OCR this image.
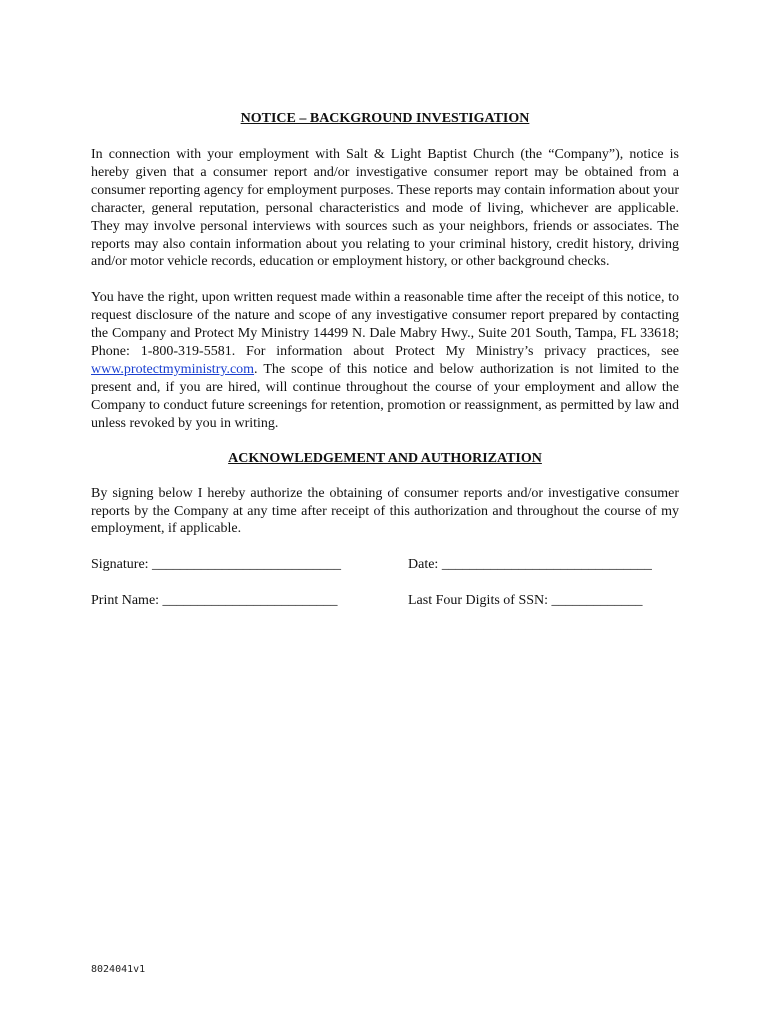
NOTICE – BACKGROUND INVESTIGATION

In connection with your employment with Salt & Light Baptist Church (the “Company”), notice is hereby given that a consumer report and/or investigative consumer report may be obtained from a consumer reporting agency for employment purposes. These reports may contain information about your character, general reputation, personal characteristics and mode of living, whichever are applicable. They may involve personal interviews with sources such as your neighbors, friends or associates. The reports may also contain information about you relating to your criminal history, credit history, driving and/or motor vehicle records, education or employment history, or other background checks.

You have the right, upon written request made within a reasonable time after the receipt of this notice, to request disclosure of the nature and scope of any investigative consumer report prepared by contacting the Company and Protect My Ministry 14499 N. Dale Mabry Hwy., Suite 201 South, Tampa, FL 33618; Phone: 1-800-319-5581. For information about Protect My Ministry’s privacy practices, see www.protectmyministry.com. The scope of this notice and below authorization is not limited to the present and, if you are hired, will continue throughout the course of your employment and allow the Company to conduct future screenings for retention, promotion or reassignment, as permitted by law and unless revoked by you in writing.

ACKNOWLEDGEMENT AND AUTHORIZATION

By signing below I hereby authorize the obtaining of consumer reports and/or investigative consumer reports by the Company at any time after receipt of this authorization and throughout the course of my employment, if applicable.

Signature: ___________________________	Date: ______________________________
Print Name: _________________________	Last Four Digits of SSN: _____________
8024041v1
